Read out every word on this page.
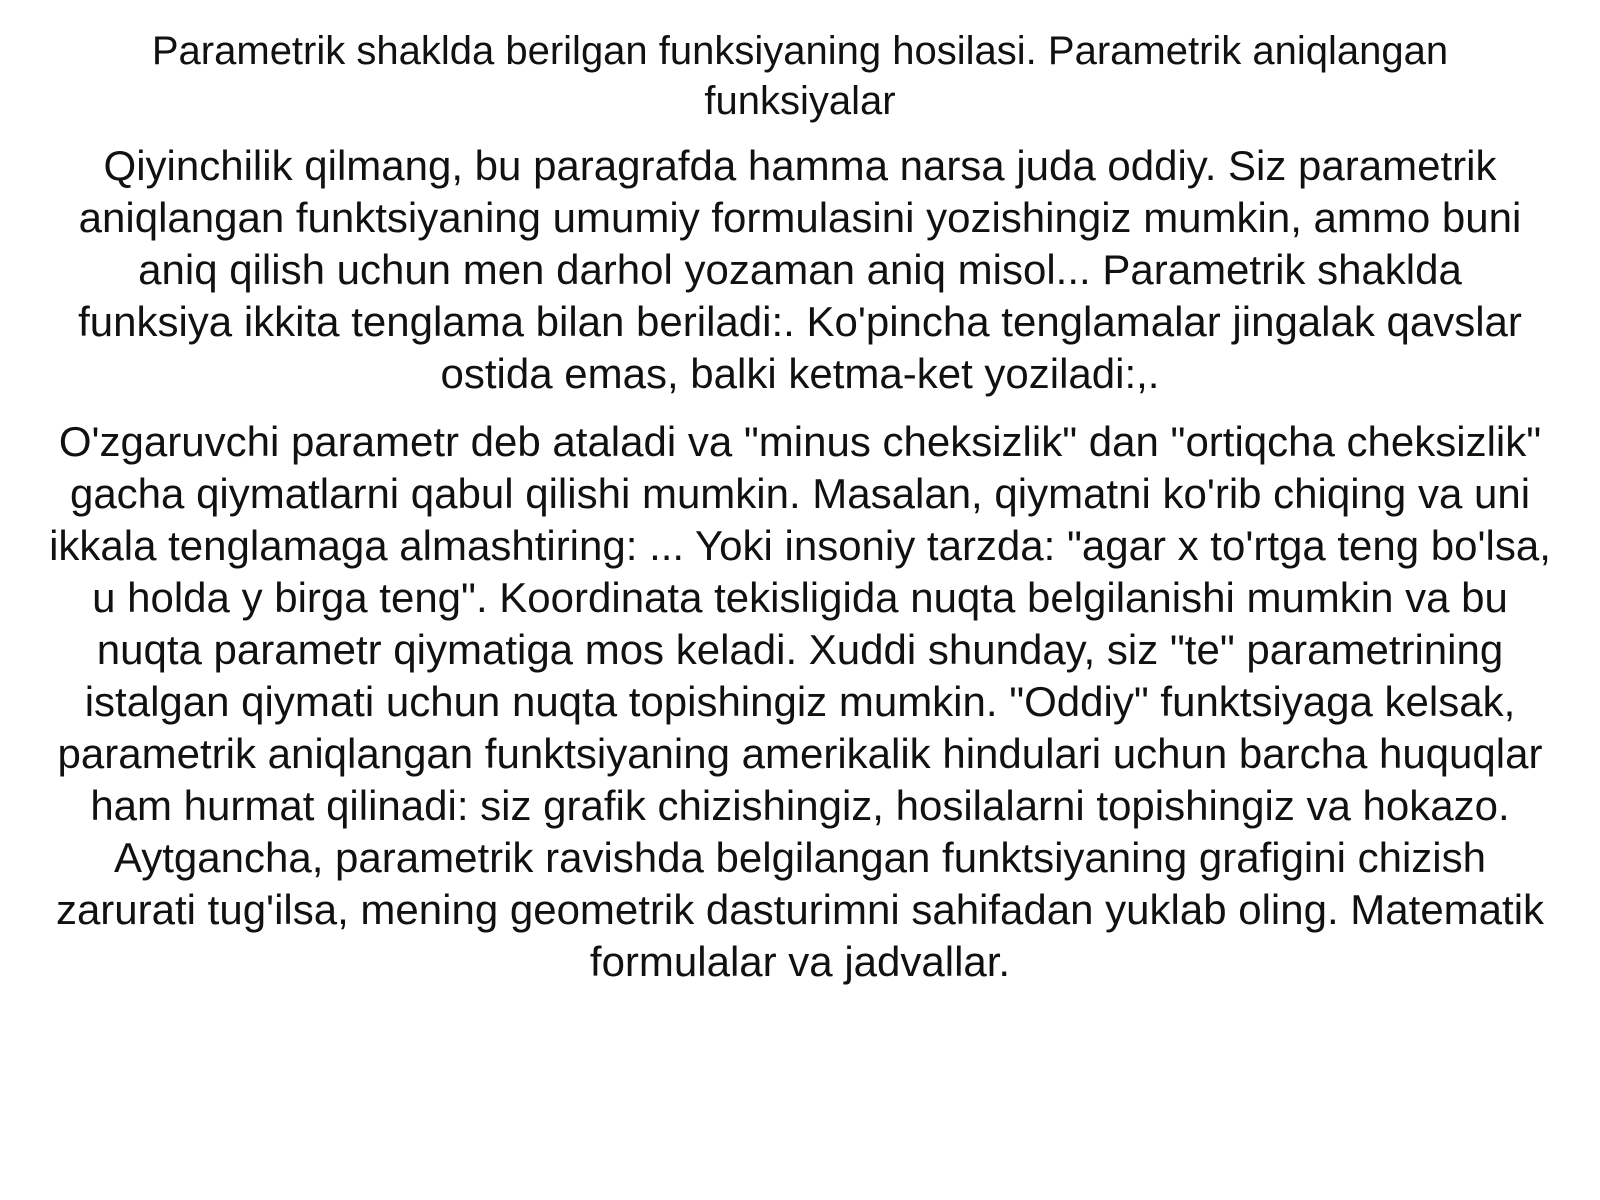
Parametrik shaklda berilgan funksiyaning hosilasi. Parametrik aniqlangan funksiyalar

Qiyinchilik qilmang, bu paragrafda hamma narsa juda oddiy. Siz parametrik aniqlangan funktsiyaning umumiy formulasini yozishingiz mumkin, ammo buni aniq qilish uchun men darhol yozaman aniq misol... Parametrik shaklda funksiya ikkita tenglama bilan beriladi:. Ko'pincha tenglamalar jingalak qavslar ostida emas, balki ketma-ket yoziladi:,.

O'zgaruvchi parametr deb ataladi va "minus cheksizlik" dan "ortiqcha cheksizlik" gacha qiymatlarni qabul qilishi mumkin. Masalan, qiymatni ko'rib chiqing va uni ikkala tenglamaga almashtiring: ... Yoki insoniy tarzda: "agar x to'rtga teng bo'lsa, u holda y birga teng". Koordinata tekisligida nuqta belgilanishi mumkin va bu nuqta parametr qiymatiga mos keladi. Xuddi shunday, siz "te" parametrining istalgan qiymati uchun nuqta topishingiz mumkin. "Oddiy" funktsiyaga kelsak, parametrik aniqlangan funktsiyaning amerikalik hindulari uchun barcha huquqlar ham hurmat qilinadi: siz grafik chizishingiz, hosilalarni topishingiz va hokazo. Aytgancha, parametrik ravishda belgilangan funktsiyaning grafigini chizish zarurati tug'ilsa, mening geometrik dasturimni sahifadan yuklab oling. Matematik formulalar va jadvallar.
